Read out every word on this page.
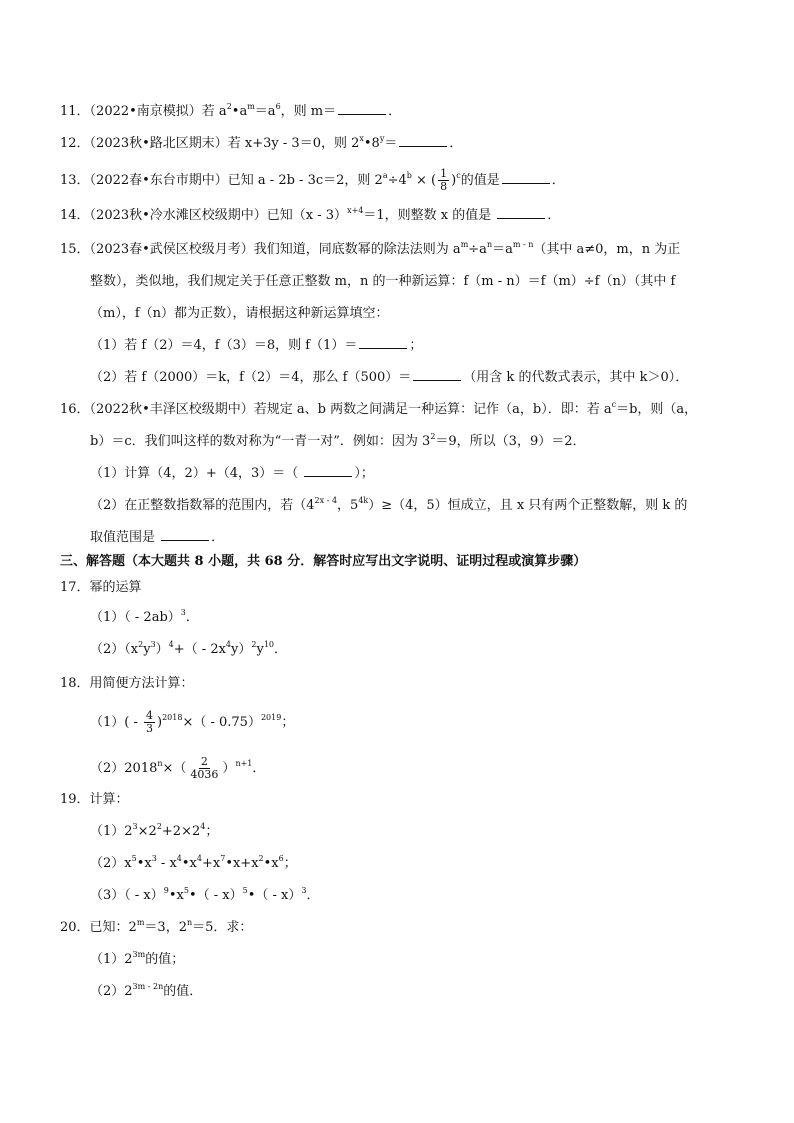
11．（2022•南京模拟）若 $a^2•a^m=a^6$，则 m＝	．
12．（2023秋•路北区期末）若 x+3y - 3＝0，则 $2^x•8^y=$	．
13．（2022春•东台市期中）已知 a - 2b - 3c＝2，则 $2^a\div 4^b$ × ( $\frac{1}{8} )^c$的值是	．
14．（2023秋•冷水滩区校级期中）已知（x - 3）$^{x+4}$＝1，则整数 x 的值是	．
15．（2023春•武侯区校级月考）我们知道，同底数幂的除法法则为 $a^m\div a^n=a^{m - n}$（其中 a≠0，m，n 为正
整数），类似地，我们规定关于任意正整数 m，n 的一种新运算：f（m - n）＝f（m）÷f（n）（其中 f
（m），f（n）都为正数），请根据这种新运算填空：
（1）若 f（2）＝4，f（3）＝8，则 f（1）＝	；
（2）若 f（2000）＝k，f（2）＝4，那么 f（500）＝	（用含 k 的代数式表示，其中 k＞0）．
16．（2022秋•丰泽区校级期中）若规定 a、b 两数之间满足一种运算：记作（a，b）．即：若 $a^c=b$，则（a，
b）＝c．我们叫这样的数对称为“一青一对”．例如：因为 $3^2=9$，所以（3，9）＝2．
（1）计算（4，2）+（4，3）＝（	）；
（2）在正整数指数幂的范围内，若（$4^{2x - 4}$，$5^{4k})\ge(4$，5）恒成立，且 x 只有两个正整数解，则 k 的
取值范围是	．
三、解答题（本大题共 8 小题，共 68 分．解答时应写出文字说明、证明过程或演算步骤）
17．幂的运算
（1）（ - 2ab）$^3$．
$(2)(x^2y^3)^4+( - 2x^4y)^2y^{10}$．
18．用简便方法计算：
$(1)( - \frac{4}{3} )^{2018}\times( - 0.75)^{2019}$；
$(2)2018^n\times( \frac{2}{4036} )^{n+1}$．
19．计算：
$(1)2^3\times 2^2+2\times 2^4$；
$(2)x^5•x^3$ - $x^4•x^4+x^7•x+x^2•x^6$；
$(3)( - x)^9•x^5•$（ - x）$^5$•（ - x）$^3$．
20．已知：$2^m=3$，$2^n=5$．求：
$(1)2^{3m}$的值；
$(2)2^{3m - 2n}$的值．
